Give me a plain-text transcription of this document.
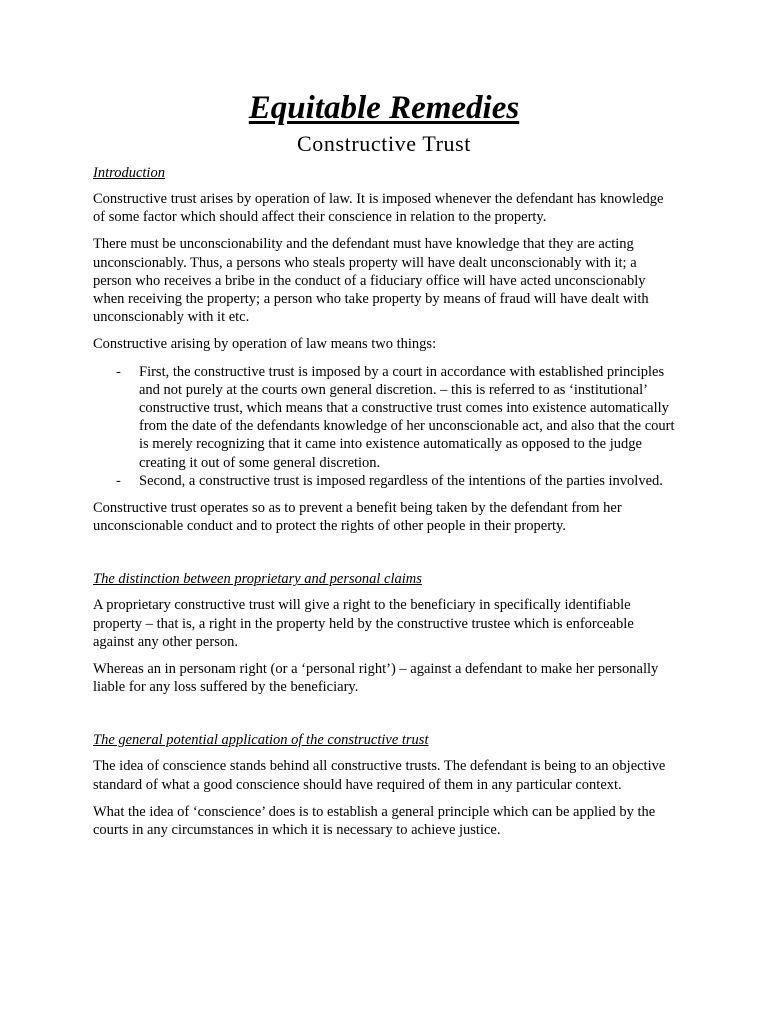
Equitable Remedies
Constructive Trust
Introduction

Constructive trust arises by operation of law. It is imposed whenever the defendant has knowledge of some factor which should affect their conscience in relation to the property.

There must be unconscionability and the defendant must have knowledge that they are acting unconscionably. Thus, a persons who steals property will have dealt unconscionably with it; a person who receives a bribe in the conduct of a fiduciary office will have acted unconscionably when receiving the property; a person who take property by means of fraud will have dealt with unconscionably with it etc.

Constructive arising by operation of law means two things:

- First, the constructive trust is imposed by a court in accordance with established principles and not purely at the courts own general discretion. – this is referred to as ‘institutional’ constructive trust, which means that a constructive trust comes into existence automatically from the date of the defendants knowledge of her unconscionable act, and also that the court is merely recognizing that it came into existence automatically as opposed to the judge creating it out of some general discretion.
- Second, a constructive trust is imposed regardless of the intentions of the parties involved.

Constructive trust operates so as to prevent a benefit being taken by the defendant from her unconscionable conduct and to protect the rights of other people in their property.

The distinction between proprietary and personal claims

A proprietary constructive trust will give a right to the beneficiary in specifically identifiable property – that is, a right in the property held by the constructive trustee which is enforceable against any other person.

Whereas an in personam right (or a ‘personal right’) – against a defendant to make her personally liable for any loss suffered by the beneficiary.

The general potential application of the constructive trust

The idea of conscience stands behind all constructive trusts. The defendant is being to an objective standard of what a good conscience should have required of them in any particular context.

What the idea of ‘conscience’ does is to establish a general principle which can be applied by the courts in any circumstances in which it is necessary to achieve justice.
